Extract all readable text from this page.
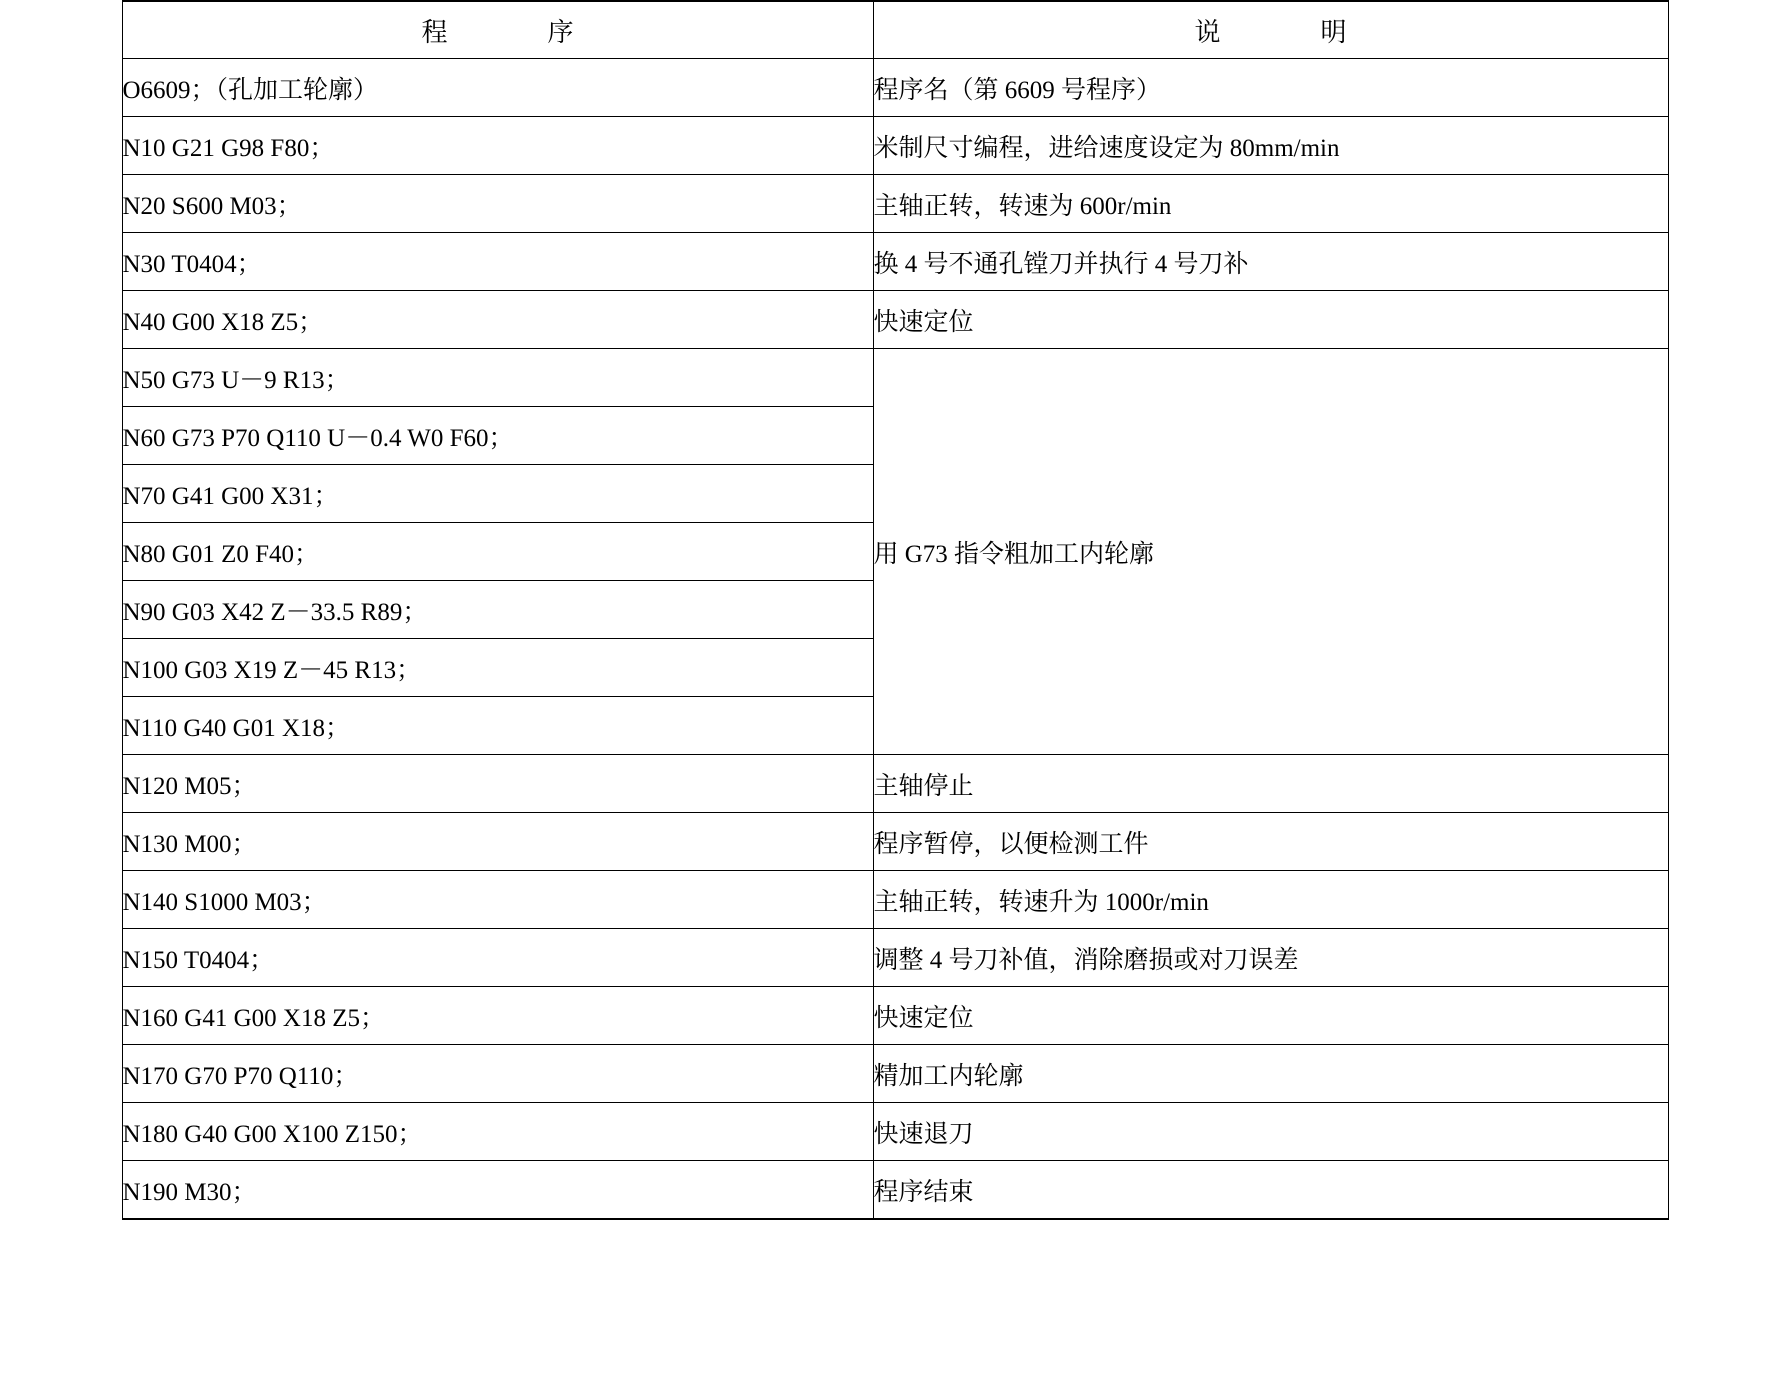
程　　序	说　　明
O6609；（孔加工轮廓）	程序名（第 6609 号程序）
N10 G21 G98 F80；	米制尺寸编程，进给速度设定为 80mm/min
N20 S600 M03；	主轴正转，转速为 600r/min
N30 T0404；	换 4 号不通孔镗刀并执行 4 号刀补
N40 G00 X18 Z5；	快速定位
N50 G73 U－9 R13；	用 G73 指令粗加工内轮廓
N60 G73 P70 Q110 U－0.4 W0 F60；	
N70 G41 G00 X31；	
N80 G01 Z0 F40；	
N90 G03 X42 Z－33.5 R89；	
N100 G03 X19 Z－45 R13；	
N110 G40 G01 X18；	
N120 M05；	主轴停止
N130 M00；	程序暂停，以便检测工件
N140 S1000 M03；	主轴正转，转速升为 1000r/min
N150 T0404；	调整 4 号刀补值，消除磨损或对刀误差
N160 G41 G00 X18 Z5；	快速定位
N170 G70 P70 Q110；	精加工内轮廓
N180 G40 G00 X100 Z150；	快速退刀
N190 M30；	程序结束
